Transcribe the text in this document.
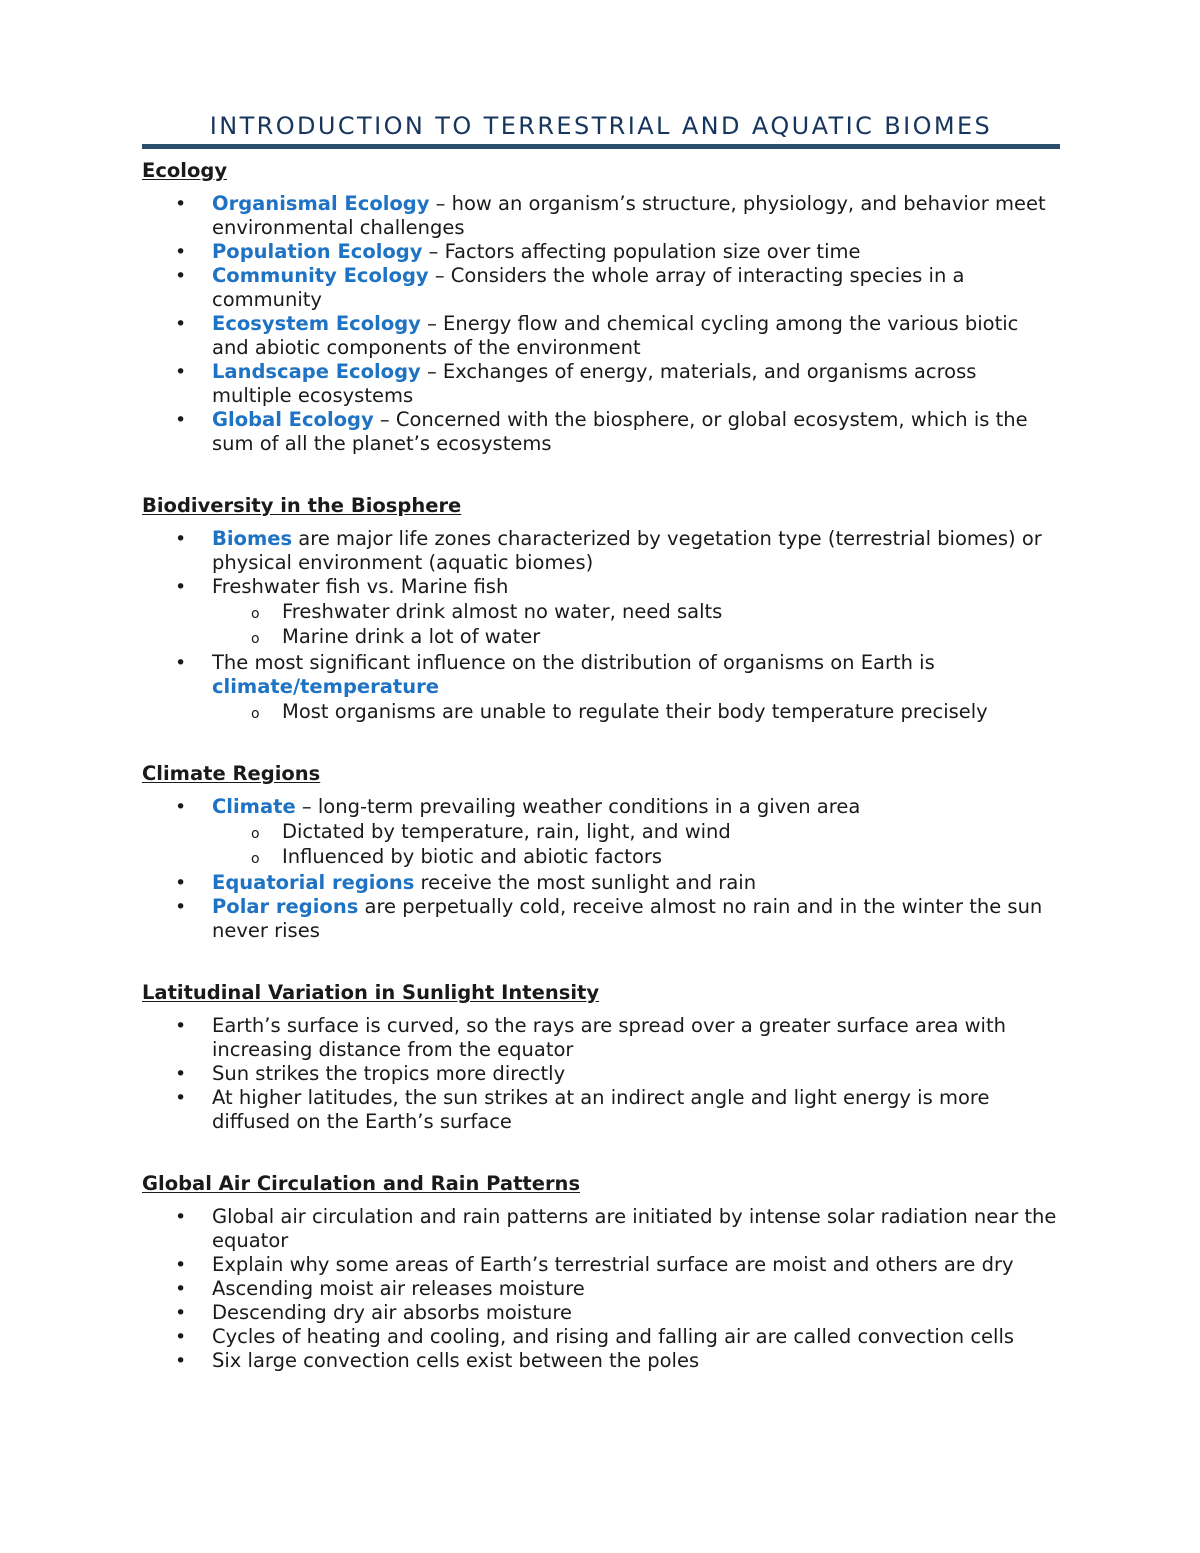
INTRODUCTION TO TERRESTRIAL AND AQUATIC BIOMES
Ecology
• Organismal Ecology – how an organism’s structure, physiology, and behavior meet environmental challenges
• Population Ecology – Factors affecting population size over time
• Community Ecology – Considers the whole array of interacting species in a community
• Ecosystem Ecology – Energy flow and chemical cycling among the various biotic and abiotic components of the environment
• Landscape Ecology – Exchanges of energy, materials, and organisms across multiple ecosystems
• Global Ecology – Concerned with the biosphere, or global ecosystem, which is the sum of all the planet’s ecosystems
Biodiversity in the Biosphere
• Biomes are major life zones characterized by vegetation type (terrestrial biomes) or physical environment (aquatic biomes)
• Freshwater fish vs. Marine fish
o Freshwater drink almost no water, need salts
o Marine drink a lot of water
• The most significant influence on the distribution of organisms on Earth is climate/temperature
o Most organisms are unable to regulate their body temperature precisely
Climate Regions
• Climate – long-term prevailing weather conditions in a given area
o Dictated by temperature, rain, light, and wind
o Influenced by biotic and abiotic factors
• Equatorial regions receive the most sunlight and rain
• Polar regions are perpetually cold, receive almost no rain and in the winter the sun never rises
Latitudinal Variation in Sunlight Intensity
• Earth’s surface is curved, so the rays are spread over a greater surface area with increasing distance from the equator
• Sun strikes the tropics more directly
• At higher latitudes, the sun strikes at an indirect angle and light energy is more diffused on the Earth’s surface
Global Air Circulation and Rain Patterns
• Global air circulation and rain patterns are initiated by intense solar radiation near the equator
• Explain why some areas of Earth’s terrestrial surface are moist and others are dry
• Ascending moist air releases moisture
• Descending dry air absorbs moisture
• Cycles of heating and cooling, and rising and falling air are called convection cells
• Six large convection cells exist between the poles
